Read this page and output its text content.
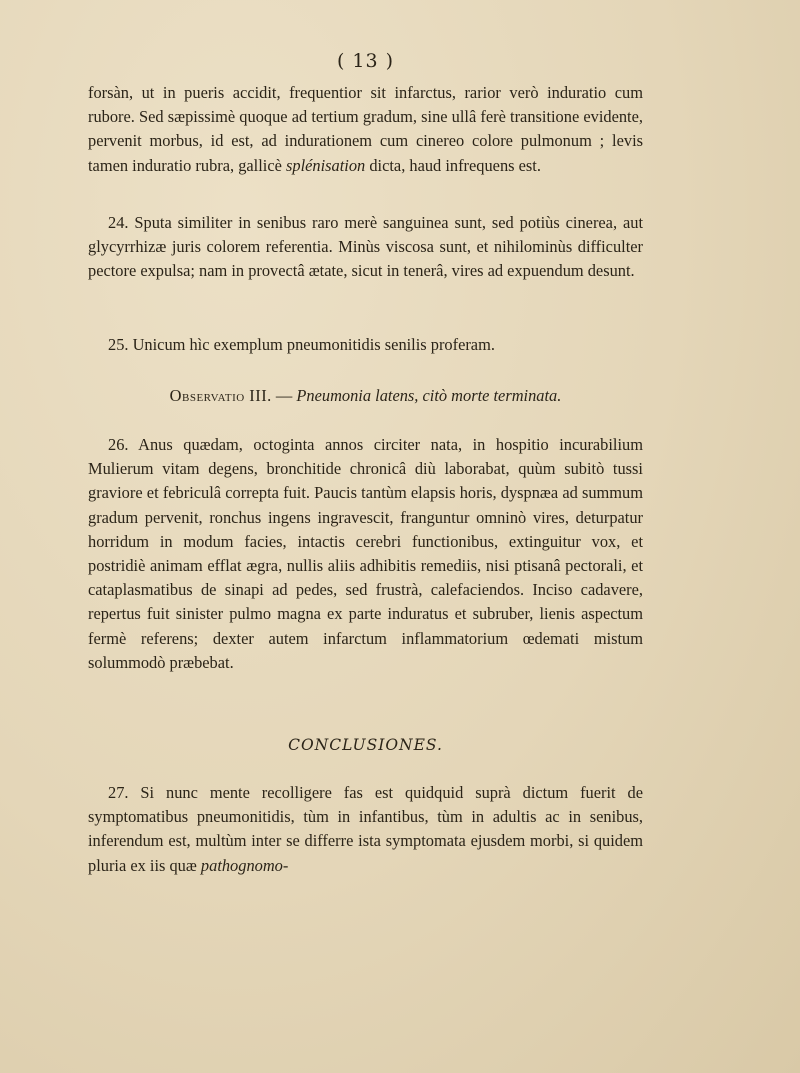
( 13 )

forsàn, ut in pueris accidit, frequentior sit infarctus, rarior verò induratio cum rubore. Sed sæpissimè quoque ad tertium gradum, sine ullâ ferè transitione evidente, pervenit morbus, id est, ad indurationem cum cinereo colore pulmonum ; levis tamen induratio rubra, gallicè splénisation dicta, haud infrequens est.

24. Sputa similiter in senibus raro merè sanguinea sunt, sed potiùs cinerea, aut glycyrrhizæ juris colorem referentia. Minùs viscosa sunt, et nihilominùs difficulter pectore expulsa; nam in provectâ ætate, sicut in tenerâ, vires ad expuendum desunt.

25. Unicum hìc exemplum pneumonitidis senilis proferam.

Observatio III. — Pneumonia latens, citò morte terminata.

26. Anus quædam, octoginta annos circiter nata, in hospitio incurabilium Mulierum vitam degens, bronchitide chronicâ diù laborabat, quùm subitò tussi graviore et febriculâ correpta fuit. Paucis tantùm elapsis horis, dyspnæa ad summum gradum pervenit, ronchus ingens ingravescit, franguntur omninò vires, deturpatur horridum in modum facies, intactis cerebri functionibus, extinguitur vox, et postridiè animam efflat ægra, nullis aliis adhibitis remediis, nisi ptisanâ pectorali, et cataplasmatibus de sinapi ad pedes, sed frustrà, calefaciendos. Inciso cadavere, repertus fuit sinister pulmo magna ex parte induratus et subruber, lienis aspectum fermè referens; dexter autem infarctum inflammatorium œdemati mistum solummodò præbebat.

CONCLUSIONES.

27. Si nunc mente recolligere fas est quidquid suprà dictum fuerit de symptomatibus pneumonitidis, tùm in infantibus, tùm in adultis ac in senibus, inferendum est, multùm inter se differre ista symptomata ejusdem morbi, si quidem pluria ex iis quæ pathognomo-
